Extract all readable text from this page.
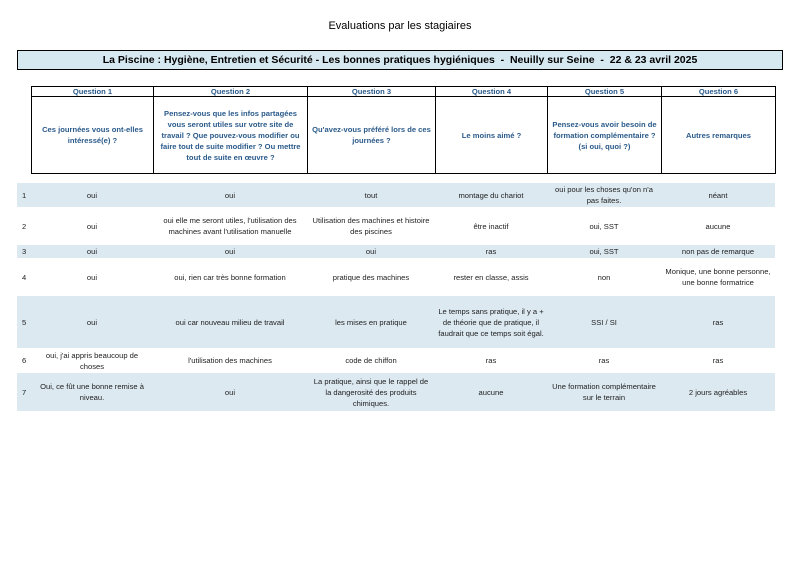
Evaluations par les stagiaires
La Piscine : Hygiène, Entretien et Sécurité - Les bonnes pratiques hygiéniques  -  Neuilly sur Seine  -  22 & 23 avril 2025
Question 1	Question 2	Question 3	Question 4	Question 5	Question 6
Ces journées vous ont-elles intéressé(e) ?	Pensez-vous que les infos partagées vous seront utiles sur votre site de travail ? Que pouvez-vous modifier ou faire tout de suite modifier ? Ou mettre tout de suite en œuvre ?	Qu'avez-vous préféré lors de ces journées ?	Le moins aimé ?	Pensez-vous avoir besoin de formation complémentaire ? (si oui, quoi ?)	Autres remarques
1	oui	oui	tout	montage du chariot	oui pour les choses qu'on n'a pas faites.	néant
2	oui	oui elle me seront utiles, l'utilisation des machines avant l'utilisation manuelle	Utilisation des machines et histoire des piscines	être inactif	oui, SST	aucune
3	oui	oui	oui	ras	oui, SST	non pas de remarque
4	oui	oui, rien car très bonne formation	pratique des machines	rester en classe, assis	non	Monique, une bonne personne, une bonne formatrice
5	oui	oui car nouveau milieu de travail	les mises en pratique	Le temps sans pratique, il y a + de théorie que de pratique, il faudrait que ce temps soit égal.	SSI / SI	ras
6	oui, j'ai appris beaucoup de choses	l'utilisation des machines	code de chiffon	ras	ras	ras
7	Oui, ce fût une bonne remise à niveau.	oui	La pratique, ainsi que le rappel de la dangerosité des produits chimiques.	aucune	Une formation complémentaire sur le terrain	2 jours agréables
